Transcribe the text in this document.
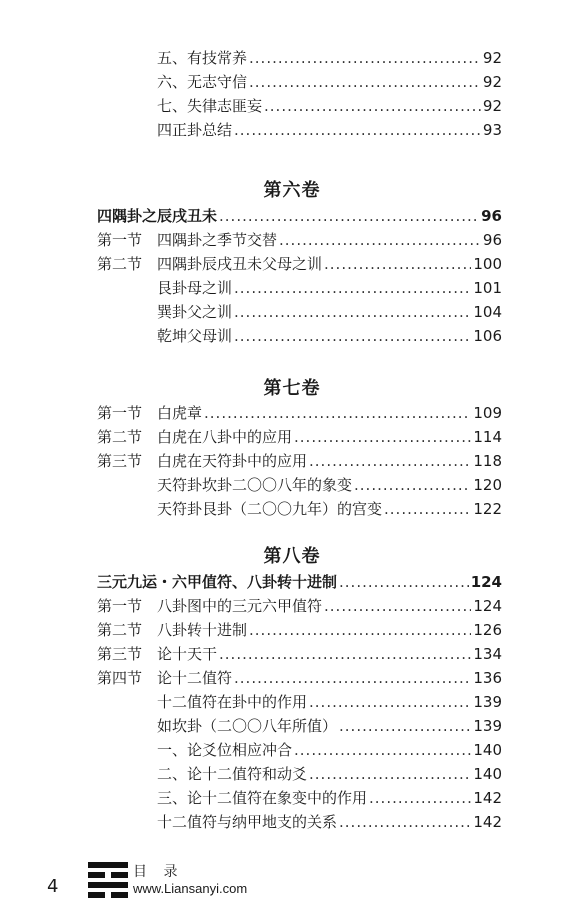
五、有技常养 .....	92
六、无志守信 .....	92
七、失律志匪妄 .....	92
四正卦总结 .....	93
第六卷
四隅卦之辰戌丑未 .....	96
第一节 四隅卦之季节交替 .....	96
第二节 四隅卦辰戌丑未父母之训 .....	100
艮卦母之训 .....	101
巽卦父之训 .....	104
乾坤父母训 .....	106
第七卷
第一节 白虎章 .....	109
第二节 白虎在八卦中的应用 .....	114
第三节 白虎在天符卦中的应用 .....	118
天符卦坎卦二〇〇八年的象变 .....	120
天符卦艮卦（二〇〇九年）的宫变 .....	122
第八卷
三元九运・六甲值符、八卦转十进制 .....	124
第一节 八卦图中的三元六甲值符 .....	124
第二节 八卦转十进制 .....	126
第三节 论十天干 .....	134
第四节 论十二值符 .....	136
十二值符在卦中的作用 .....	139
如坎卦（二〇〇八年所值） .....	139
一、论爻位相应冲合 .....	140
二、论十二值符和动爻 .....	140
三、论十二值符在象变中的作用 .....	142
十二值符与纳甲地支的关系 .....	142
4
目 录
www.Liansanyi.com
